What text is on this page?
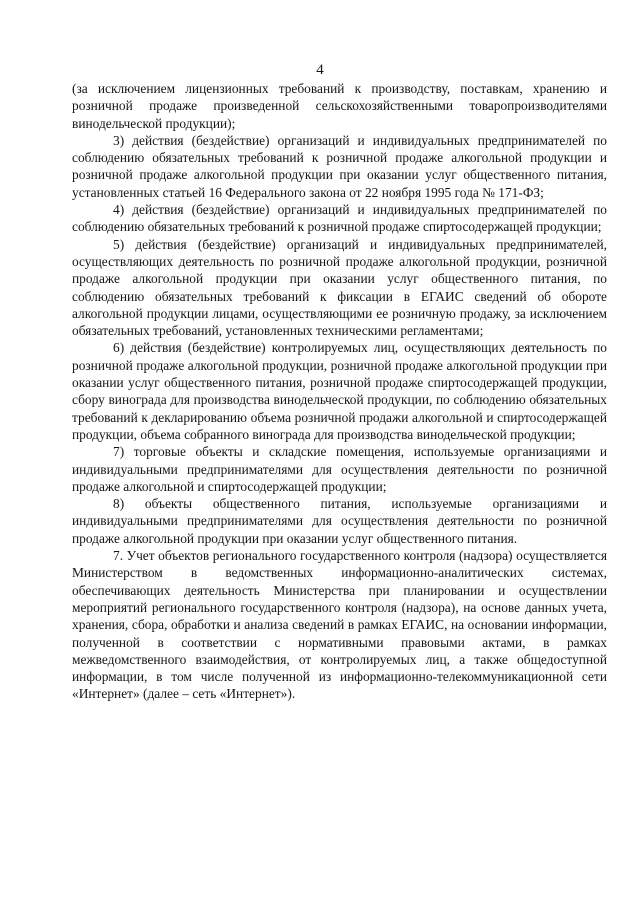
4

(за исключением лицензионных требований к производству, поставкам, хранению и розничной продаже произведенной сельскохозяйственными товаропроизводителями винодельческой продукции);

3) действия (бездействие) организаций и индивидуальных предпринимателей по соблюдению обязательных требований к розничной продаже алкогольной продукции и розничной продаже алкогольной продукции при оказании услуг общественного питания, установленных статьей 16 Федерального закона от 22 ноября 1995 года № 171-ФЗ;

4) действия (бездействие) организаций и индивидуальных предпринимателей по соблюдению обязательных требований к розничной продаже спиртосодержащей продукции;

5) действия (бездействие) организаций и индивидуальных предпринимателей, осуществляющих деятельность по розничной продаже алкогольной продукции, розничной продаже алкогольной продукции при оказании услуг общественного питания, по соблюдению обязательных требований к фиксации в ЕГАИС сведений об обороте алкогольной продукции лицами, осуществляющими ее розничную продажу, за исключением обязательных требований, установленных техническими регламентами;

6) действия (бездействие) контролируемых лиц, осуществляющих деятельность по розничной продаже алкогольной продукции, розничной продаже алкогольной продукции при оказании услуг общественного питания, розничной продаже спиртосодержащей продукции, сбору винограда для производства винодельческой продукции, по соблюдению обязательных требований к декларированию объема розничной продажи алкогольной и спиртосодержащей продукции, объема собранного винограда для производства винодельческой продукции;

7) торговые объекты и складские помещения, используемые организациями и индивидуальными предпринимателями для осуществления деятельности по розничной продаже алкогольной и спиртосодержащей продукции;

8) объекты общественного питания, используемые организациями и индивидуальными предпринимателями для осуществления деятельности по розничной продаже алкогольной продукции при оказании услуг общественного питания.

7. Учет объектов регионального государственного контроля (надзора) осуществляется Министерством в ведомственных информационно-аналитических системах, обеспечивающих деятельность Министерства при планировании и осуществлении мероприятий регионального государственного контроля (надзора), на основе данных учета, хранения, сбора, обработки и анализа сведений в рамках ЕГАИС, на основании информации, полученной в соответствии с нормативными правовыми актами, в рамках межведомственного взаимодействия, от контролируемых лиц, а также общедоступной информации, в том числе полученной из информационно-телекоммуникационной сети «Интернет» (далее – сеть «Интернет»).
